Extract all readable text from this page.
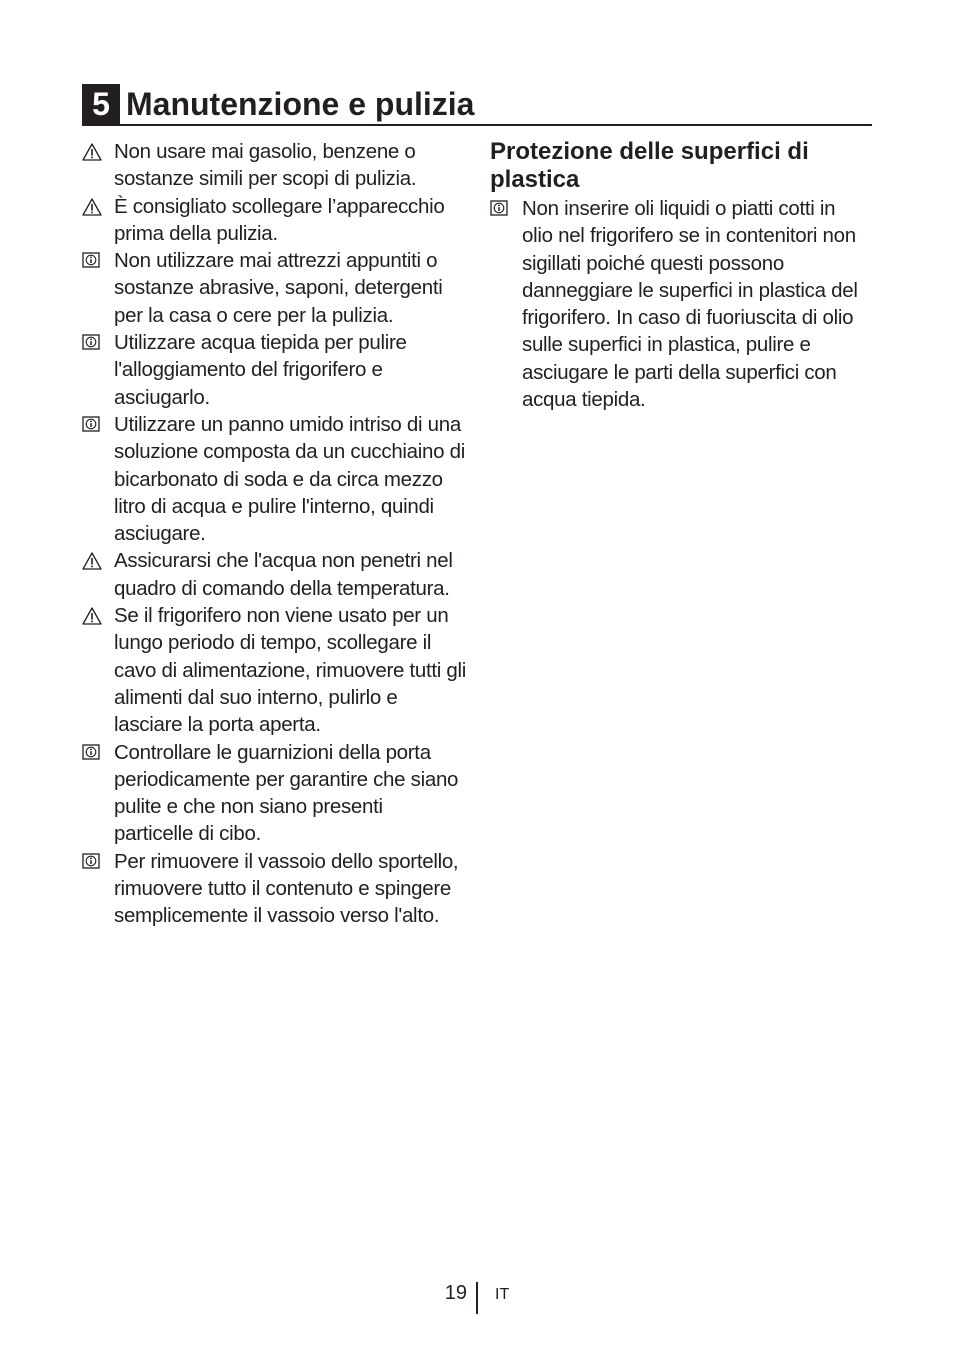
5 Manutenzione e pulizia
Non usare mai gasolio, benzene o sostanze simili per scopi di pulizia.
È consigliato scollegare l’apparecchio prima della pulizia.
Non utilizzare mai attrezzi appuntiti o sostanze abrasive, saponi, detergenti per la casa o cere per la pulizia.
Utilizzare acqua tiepida per pulire l'alloggiamento del frigorifero e asciugarlo.
Utilizzare un panno umido intriso di una soluzione composta da un cucchiaino di bicarbonato di soda e da circa mezzo litro di acqua e pulire l'interno, quindi asciugare.
Assicurarsi che l'acqua non penetri nel quadro di comando della temperatura.
Se il frigorifero non viene usato per un lungo periodo di tempo, scollegare il cavo di alimentazione, rimuovere tutti gli alimenti dal suo interno, pulirlo e lasciare la porta aperta.
Controllare le guarnizioni della porta periodicamente per garantire che siano pulite e che non siano presenti particelle di cibo.
Per rimuovere il vassoio dello sportello, rimuovere tutto il contenuto e spingere semplicemente il vassoio verso l'alto.
Protezione delle superfici di plastica
Non inserire oli liquidi o piatti cotti in olio nel frigorifero se in contenitori non sigillati poiché questi possono danneggiare le superfici in plastica del frigorifero. In caso di fuoriuscita di olio sulle superfici in plastica, pulire e asciugare le parti della superfici con acqua tiepida.
19 IT
